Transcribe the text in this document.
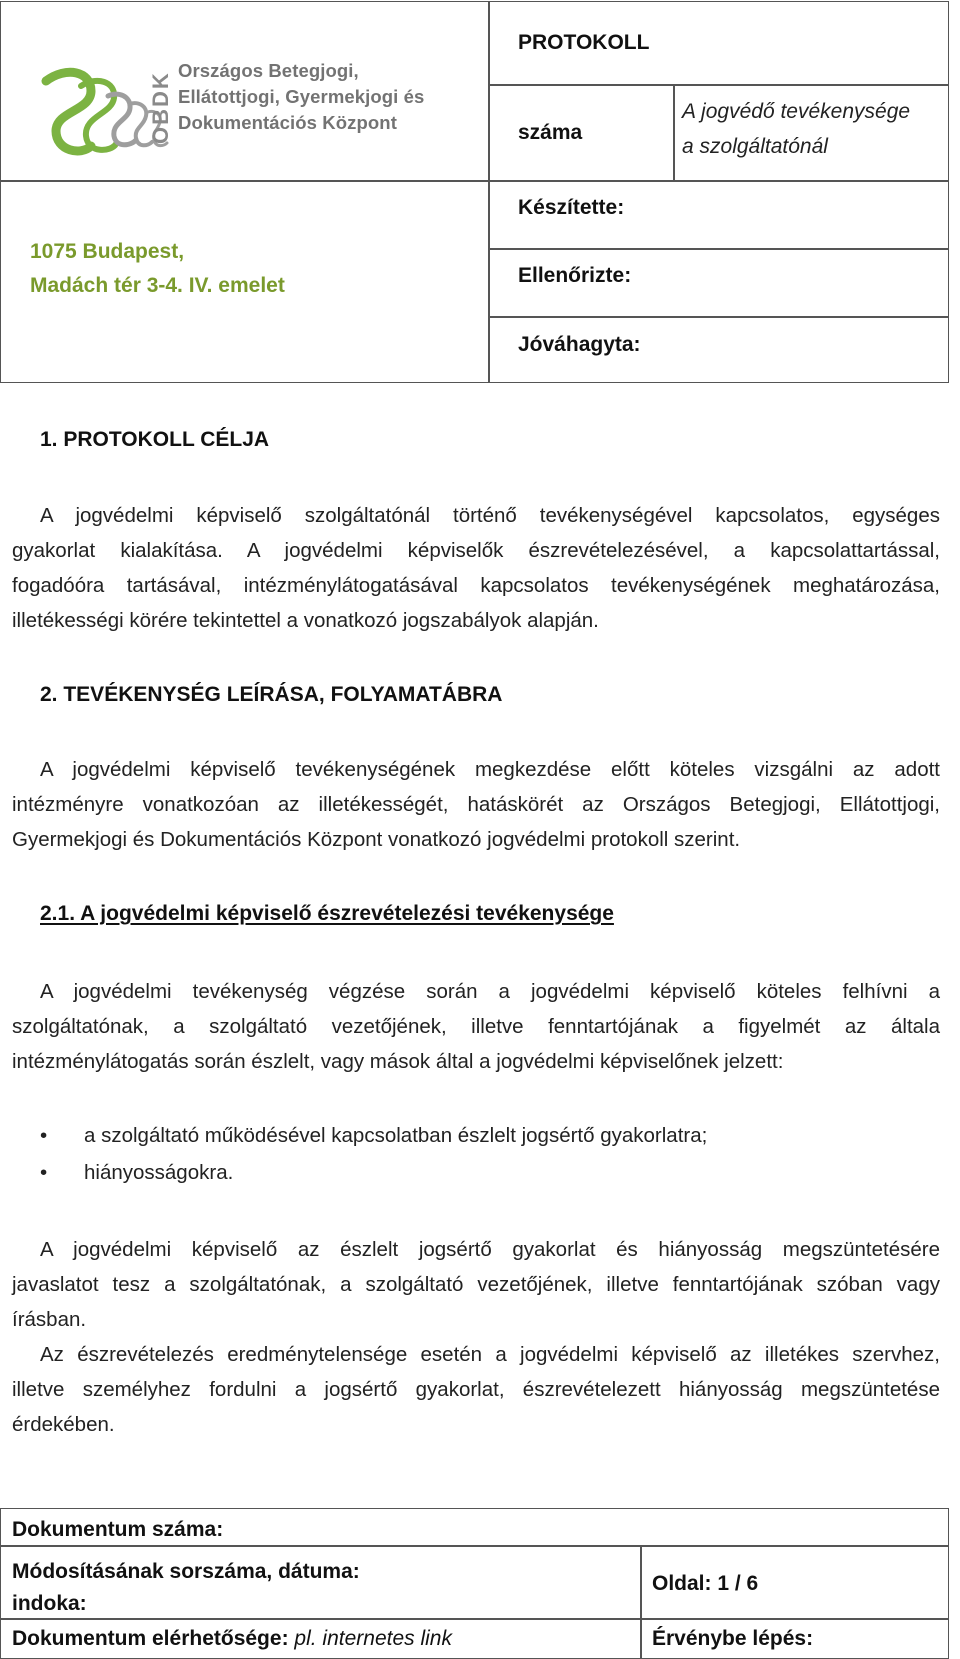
OBDK
Országos Betegjogi,
Ellátottjogi, Gyermekjogi és
Dokumentációs Központ
1075 Budapest,
Madách tér 3-4. IV. emelet
PROTOKOLL
száma
A jogvédő tevékenysége
a szolgáltatónál
Készítette:
Ellenőrizte:
Jóváhagyta:
1. PROTOKOLL CÉLJA
A jogvédelmi képviselő szolgáltatónál történő tevékenységével kapcsolatos, egységes
gyakorlat kialakítása. A jogvédelmi képviselők észrevételezésével, a kapcsolattartással,
fogadóóra tartásával, intézménylátogatásával kapcsolatos tevékenységének meghatározása,
illetékességi körére tekintettel a vonatkozó jogszabályok alapján.
2. TEVÉKENYSÉG LEÍRÁSA, FOLYAMATÁBRA
A jogvédelmi képviselő tevékenységének megkezdése előtt köteles vizsgálni az adott
intézményre vonatkozóan az illetékességét, hatáskörét az Országos Betegjogi, Ellátottjogi,
Gyermekjogi és Dokumentációs Központ vonatkozó jogvédelmi protokoll szerint.
2.1. A jogvédelmi képviselő észrevételezési tevékenysége
A jogvédelmi tevékenység végzése során a jogvédelmi képviselő köteles felhívni a
szolgáltatónak, a szolgáltató vezetőjének, illetve fenntartójának a figyelmét az általa
intézménylátogatás során észlelt, vagy mások által a jogvédelmi képviselőnek jelzett:
• a szolgáltató működésével kapcsolatban észlelt jogsértő gyakorlatra;
• hiányosságokra.
A jogvédelmi képviselő az észlelt jogsértő gyakorlat és hiányosság megszüntetésére
javaslatot tesz a szolgáltatónak, a szolgáltató vezetőjének, illetve fenntartójának szóban vagy
írásban.
Az észrevételezés eredménytelensége esetén a jogvédelmi képviselő az illetékes szervhez,
illetve személyhez fordulni a jogsértő gyakorlat, észrevételezett hiányosság megszüntetése
érdekében.
Dokumentum száma:
Módosításának sorszáma, dátuma:
indoka:
Oldal: 1 / 6
Dokumentum elérhetősége: pl. internetes link	Érvénybe lépés:
